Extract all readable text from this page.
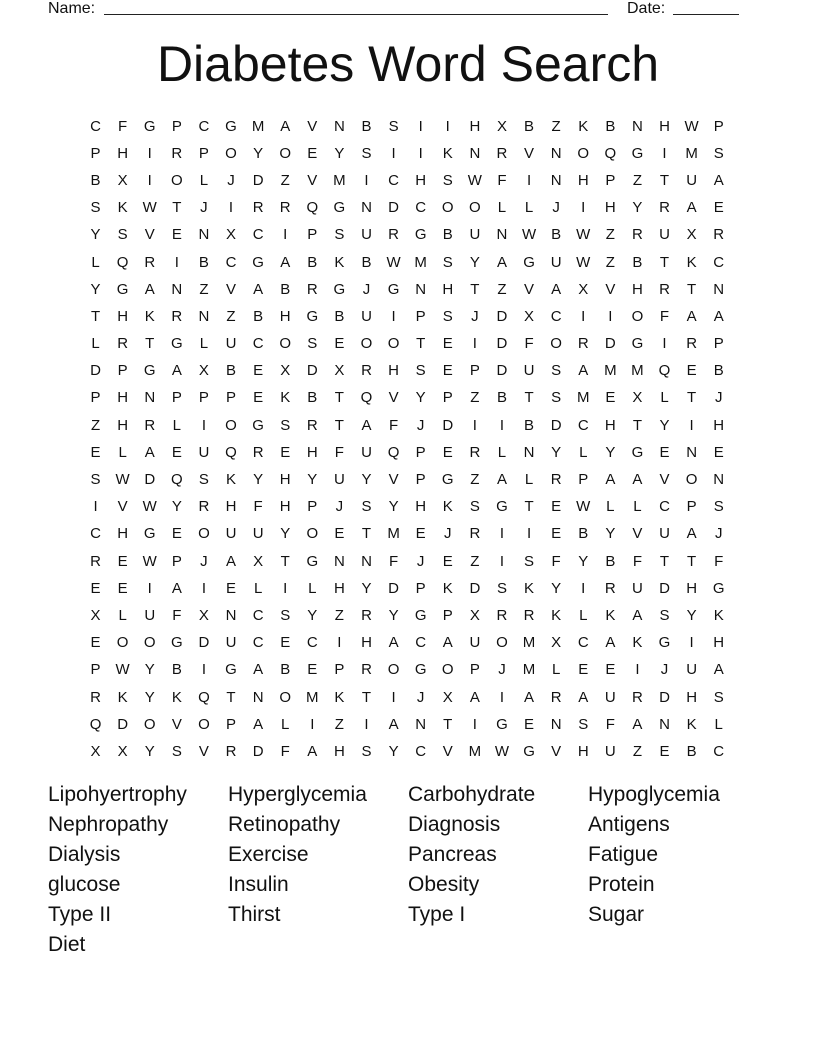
Name:	Date:
Diabetes Word Search
C	F	G	P	C	G	M	A	V	N	B	S	I	I	H	X	B	Z	K	B	N	H W	P
P	H	I	R	P	O	Y	O	E	Y	S	I	I	K	N	R	V	N	O	Q	G	I	M	S
B	X	I	O	L	J	D	Z	V	M	I	C	H	S	W	F	I	N	H	P	Z	T	U	A
S	K	W	T	J	I	R	R	Q	G	N	D	C	O	O	L	L	J	I	H	Y	R	A	E
Y	S	V	E	N	X	C	I	P	S	U	R	G	B	U	N W	B	W	Z	R	U	X	R
L	Q	R	I	B	C	G	A	B	K	B	W M	S	Y	A	G	U W	Z	B	T	K	C
Y	G	A	N	Z	V	A	B	R	G	J	G	N	H	T	Z	V	A	X	V	H	R	T	N
T	H	K	R	N	Z	B	H	G	B	U	I	P	S	J	D	X	C	I	I	O	F	A	A
L	R	T	G	L	U	C	O	S	E	O	O	T	E	I	D	F	O	R	D	G	I	R	P
D	P	G	A	X	B	E	X	D	X	R	H	S	E	P	D	U	S	A	M M	Q	E	B
P	H	N	P	P	P	E	K	B	T	Q	V	Y	P	Z	B	T	S	M	E	X	L	T	J
Z	H	R	L	I	O	G	S	R	T	A	F	J	D	I	I	B	D	C	H	T	Y	I	H
E	L	A	E	U	Q	R	E	H	F	U	Q	P	E	R	L	N	Y	L	Y	G	E	N	E
S	W D	Q	S	K	Y	H	Y	U	Y	V	P	G	Z	A	L	R	P	A	A	V	O	N
I	V	W	Y	R	H	F	H	P	J	S	Y	H	K	S	G	T	E	W	L	L	C	P	S
C	H	G	E	O	U	U	Y	O	E	T	M	E	J	R	I	I	E	B	Y	V	U	A	J
R	E	W	P	J	A	X	T	G	N	N	F	J	E	Z	I	S	F	Y	B	F	T	T	F
E	E	I	A	I	E	L	I	L	H	Y	D	P	K	D	S	K	Y	I	R	U	D	H	G
X	L	U	F	X	N	C	S	Y	Z	R	Y	G	P	X	R	R	K	L	K	A	S	Y	K
E	O	O	G	D	U	C	E	C	I	H	A	C	A	U	O	M	X	C	A	K	G	I	H
P	W	Y	B	I	G	A	B	E	P	R	O	G	O	P	J	M	L	E	E	I	J	U	A
R	K	Y	K	Q	T	N	O	M	K	T	I	J	X	A	I	A	R	A	U	R	D	H	S
Q	D	O	V	O	P	A	L	I	Z	I	A	N	T	I	G	E	N	S	F	A	N	K	L
X	X	Y	S	V	R	D	F	A	H	S	Y	C	V	M W G	V	H	U	Z	E	B	C
Lipohyertrophy	Hyperglycemia	Carbohydrate	Hypoglycemia
Nephropathy	Retinopathy	Diagnosis	Antigens
Dialysis	Exercise	Pancreas	Fatigue
glucose	Insulin	Obesity	Protein
Type II	Thirst	Type I	Sugar
Diet
